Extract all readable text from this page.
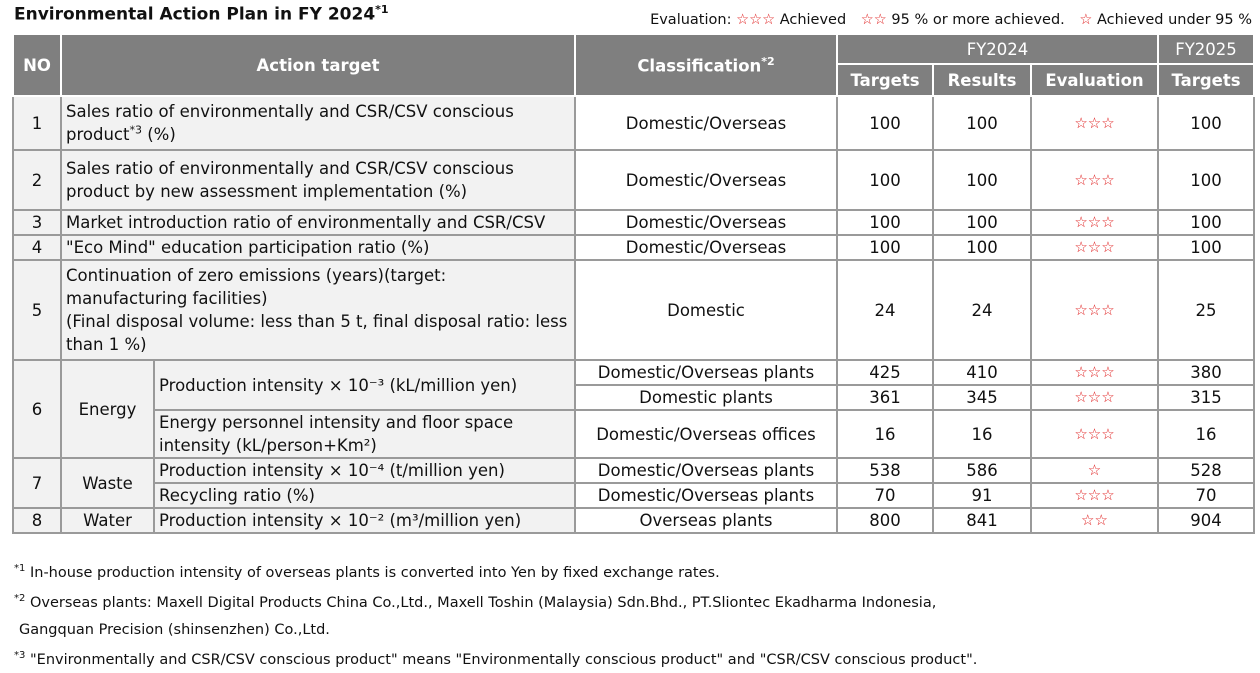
Environmental Action Plan in FY 2024$^{*1}$
Evaluation: ☆☆☆ Achieved ☆☆ 95 % or more achieved. ☆ Achieved under 95 %
NO	Action target		Classification$^{*2}$	FY2024			FY2025
				Targets	Results	Evaluation	Targets
1	Sales ratio of environmentally and CSR/CSV conscious product$^{*3}$ (%)		Domestic/Overseas	100	100	☆☆☆	100
2	Sales ratio of environmentally and CSR/CSV conscious product by new assessment implementation (%)		Domestic/Overseas	100	100	☆☆☆	100
3	Market introduction ratio of environmentally and CSR/CSV		Domestic/Overseas	100	100	☆☆☆	100
4	"Eco Mind" education participation ratio (%)		Domestic/Overseas	100	100	☆☆☆	100
5	Continuation of zero emissions (years)(target: manufacturing facilities)
(Final disposal volume: less than 5 t, final disposal ratio: less than 1 %)		Domestic	24	24	☆☆☆	25
6	Energy	Production intensity × 10⁻³ (kL/million yen)	Domestic/Overseas plants	425	410	☆☆☆	380
			Domestic plants	361	345	☆☆☆	315
		Energy personnel intensity and floor space intensity (kL/person+Km²)	Domestic/Overseas offices	16	16	☆☆☆	16
7	Waste	Production intensity × 10⁻⁴ (t/million yen)	Domestic/Overseas plants	538	586	☆	528
		Recycling ratio (%)	Domestic/Overseas plants	70	91	☆☆☆	70
8	Water	Production intensity × 10⁻² (m³/million yen)	Overseas plants	800	841	☆☆	904
$^{*1}$ In-house production intensity of overseas plants is converted into Yen by fixed exchange rates.
$^{*2}$ Overseas plants: Maxell Digital Products China Co.,Ltd., Maxell Toshin (Malaysia) Sdn.Bhd., PT.Sliontec Ekadharma Indonesia,
Gangquan Precision (shinsenzhen) Co.,Ltd.
$^{*3}$ "Environmentally and CSR/CSV conscious product" means "Environmentally conscious product" and "CSR/CSV conscious product".
